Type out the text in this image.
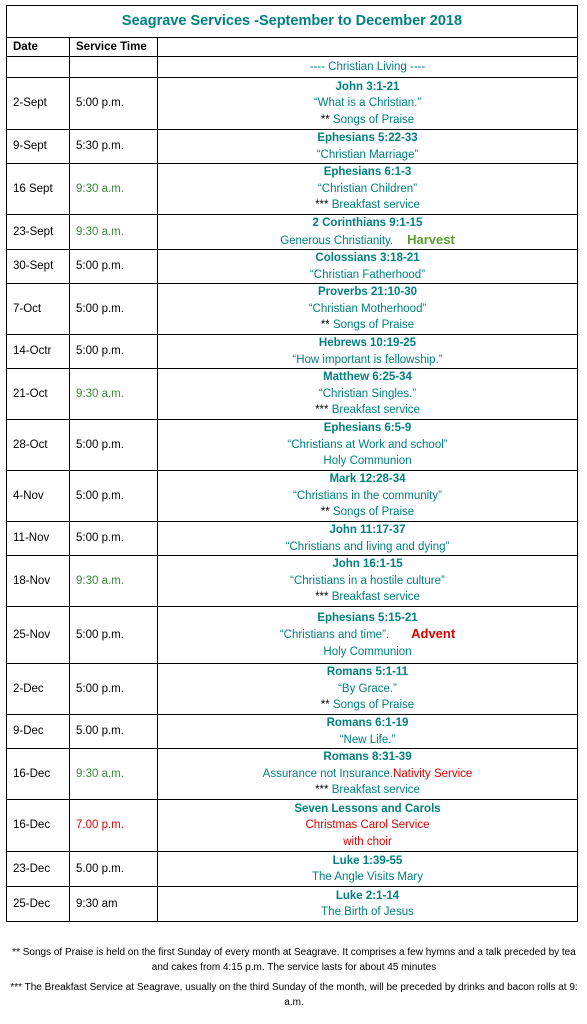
Seagrave Services -September to December 2018		
Date	Service Time	
		---- Christian Living ----
2-Sept	5:00 p.m.	John 3:1-21
“What is a Christian.”
** Songs of Praise

9-Sept	5:30 p.m.	Ephesians 5:22-33
“Christian Marriage”

16 Sept	9:30 a.m.	Ephesians 6:1-3
“Christian Children”
*** Breakfast service

23-Sept	9:30 a.m.	2 Corinthians 9:1-15
Generous Christianity. Harvest

30-Sept	5:00 p.m.	Colossians 3:18-21
“Christian Fatherhood”

7-Oct	5:00 p.m.	Proverbs 21:10-30
“Christian Motherhood”
** Songs of Praise

14-Octr	5:00 p.m.	Hebrews 10:19-25
“How important is fellowship.”

21-Oct	9:30 a.m.	Matthew 6:25-34
“Christian Singles.”
*** Breakfast service

28-Oct	5:00 p.m.	Ephesians 6:5-9
“Christians at Work and school”
Holy Communion

4-Nov	5:00 p.m.	Mark 12:28-34
“Christians in the community”
** Songs of Praise

11-Nov	5:00 p.m.	John 11:17-37
“Christians and living and dying”

18-Nov	9:30 a.m.	John 16:1-15
“Christians in a hostile culture”
*** Breakfast service

25-Nov	5:00 p.m.	Ephesians 5:15-21
“Christians and time”. Advent
Holy Communion

2-Dec	5:00 p.m.	Romans 5:1-11
“By Grace.”
** Songs of Praise

9-Dec	5.00 p.m.	Romans 6:1-19
“New Life.”

16-Dec	9:30 a.m.	Romans 8:31-39
Assurance not Insurance.Nativity Service
*** Breakfast service

16-Dec	7.00 p.m.	Seven Lessons and Carols
Christmas Carol Service
with choir

23-Dec	5.00 p.m.	Luke 1:39-55
The Angle Visits Mary

25-Dec	9:30 am	Luke 2:1-14
The Birth of Jesus

** Songs of Praise is held on the first Sunday of every month at Seagrave. It comprises a few hymns and a talk preceded by tea and cakes from 4:15 p.m. The service lasts for about 45 minutes

*** The Breakfast Service at Seagrave, usually on the third Sunday of the month, will be preceded by drinks and bacon rolls at 9: a.m.
